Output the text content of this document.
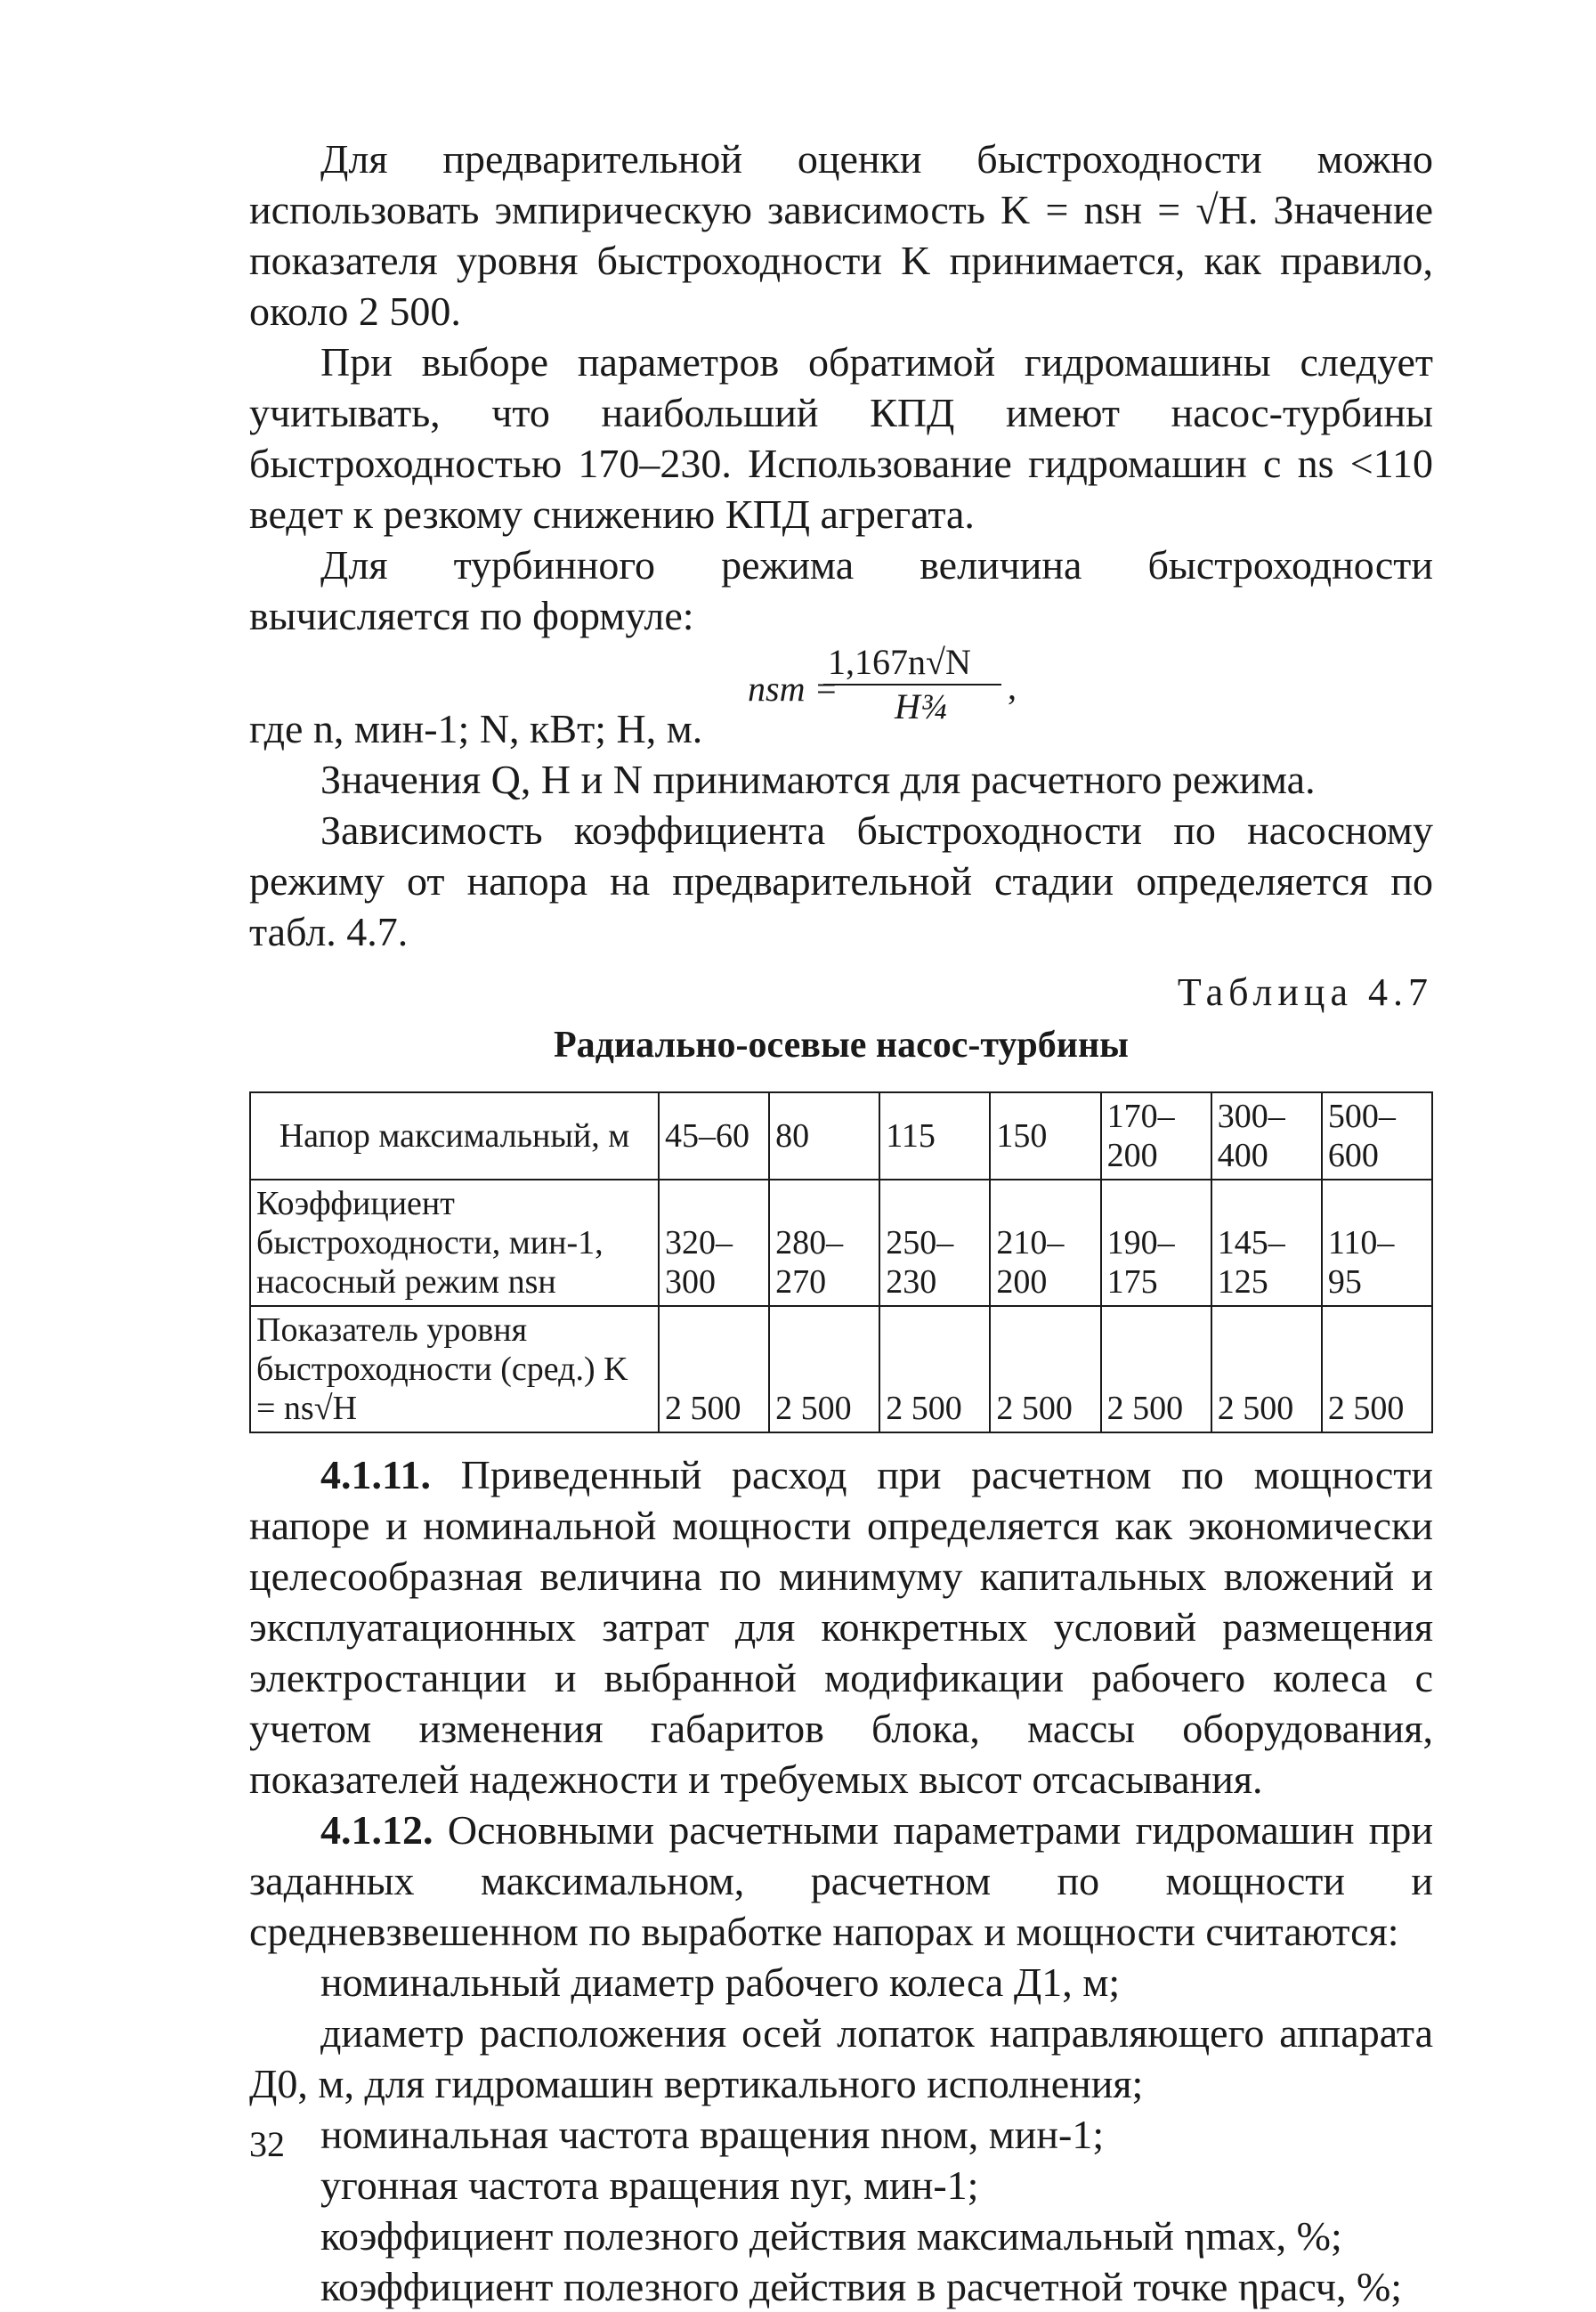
Для предварительной оценки быстроходности можно использовать эмпирическую зависимость K = nsн = √H. Значение показателя уровня быстроходности K принимается, как правило, около 2 500.

При выборе параметров обратимой гидромашины следует учитывать, что наибольший КПД имеют насос-турбины быстроходностью 170–230. Использование гидромашин с ns <110 ведет к резкому снижению КПД агрегата.

Для турбинного режима величина быстроходности вычисляется по формуле:

nsт =
1,167n√N
H¾ ,

где n, мин-1; N, кВт; H, м.

Значения Q, H и N принимаются для расчетного режима.

Зависимость коэффициента быстроходности по насосному режиму от напора на предварительной стадии определяется по табл. 4.7.

Таблица 4.7
Радиально-осевые насос-турбины
Напор максимальный, м	45–60	80	115	150	170–200	300–400	500–600
Коэффициент быстроходности, мин-1, насосный режим nsн	320–300	280–270	250–230	210–200	190–175	145–125	110–95
Показатель уровня быстроходности (сред.) K = ns√H	2 500	2 500	2 500	2 500	2 500	2 500	2 500

4.1.11. Приведенный расход при расчетном по мощности напоре и номинальной мощности определяется как экономически целесообразная величина по минимуму капитальных вложений и эксплуатационных затрат для конкретных условий размещения электростанции и выбранной модификации рабочего колеса с учетом изменения габаритов блока, массы оборудования, показателей надежности и требуемых высот отсасывания.

4.1.12. Основными расчетными параметрами гидромашин при заданных максимальном, расчетном по мощности и средневзвешенном по выработке напорах и мощности считаются:

номинальный диаметр рабочего колеса Д1, м;

диаметр расположения осей лопаток направляющего аппарата Д0, м, для гидромашин вертикального исполнения;

номинальная частота вращения nном, мин-1;

угонная частота вращения nуг, мин-1;

коэффициент полезного действия максимальный ηmax, %;

коэффициент полезного действия в расчетной точке ηрасч, %;

32
